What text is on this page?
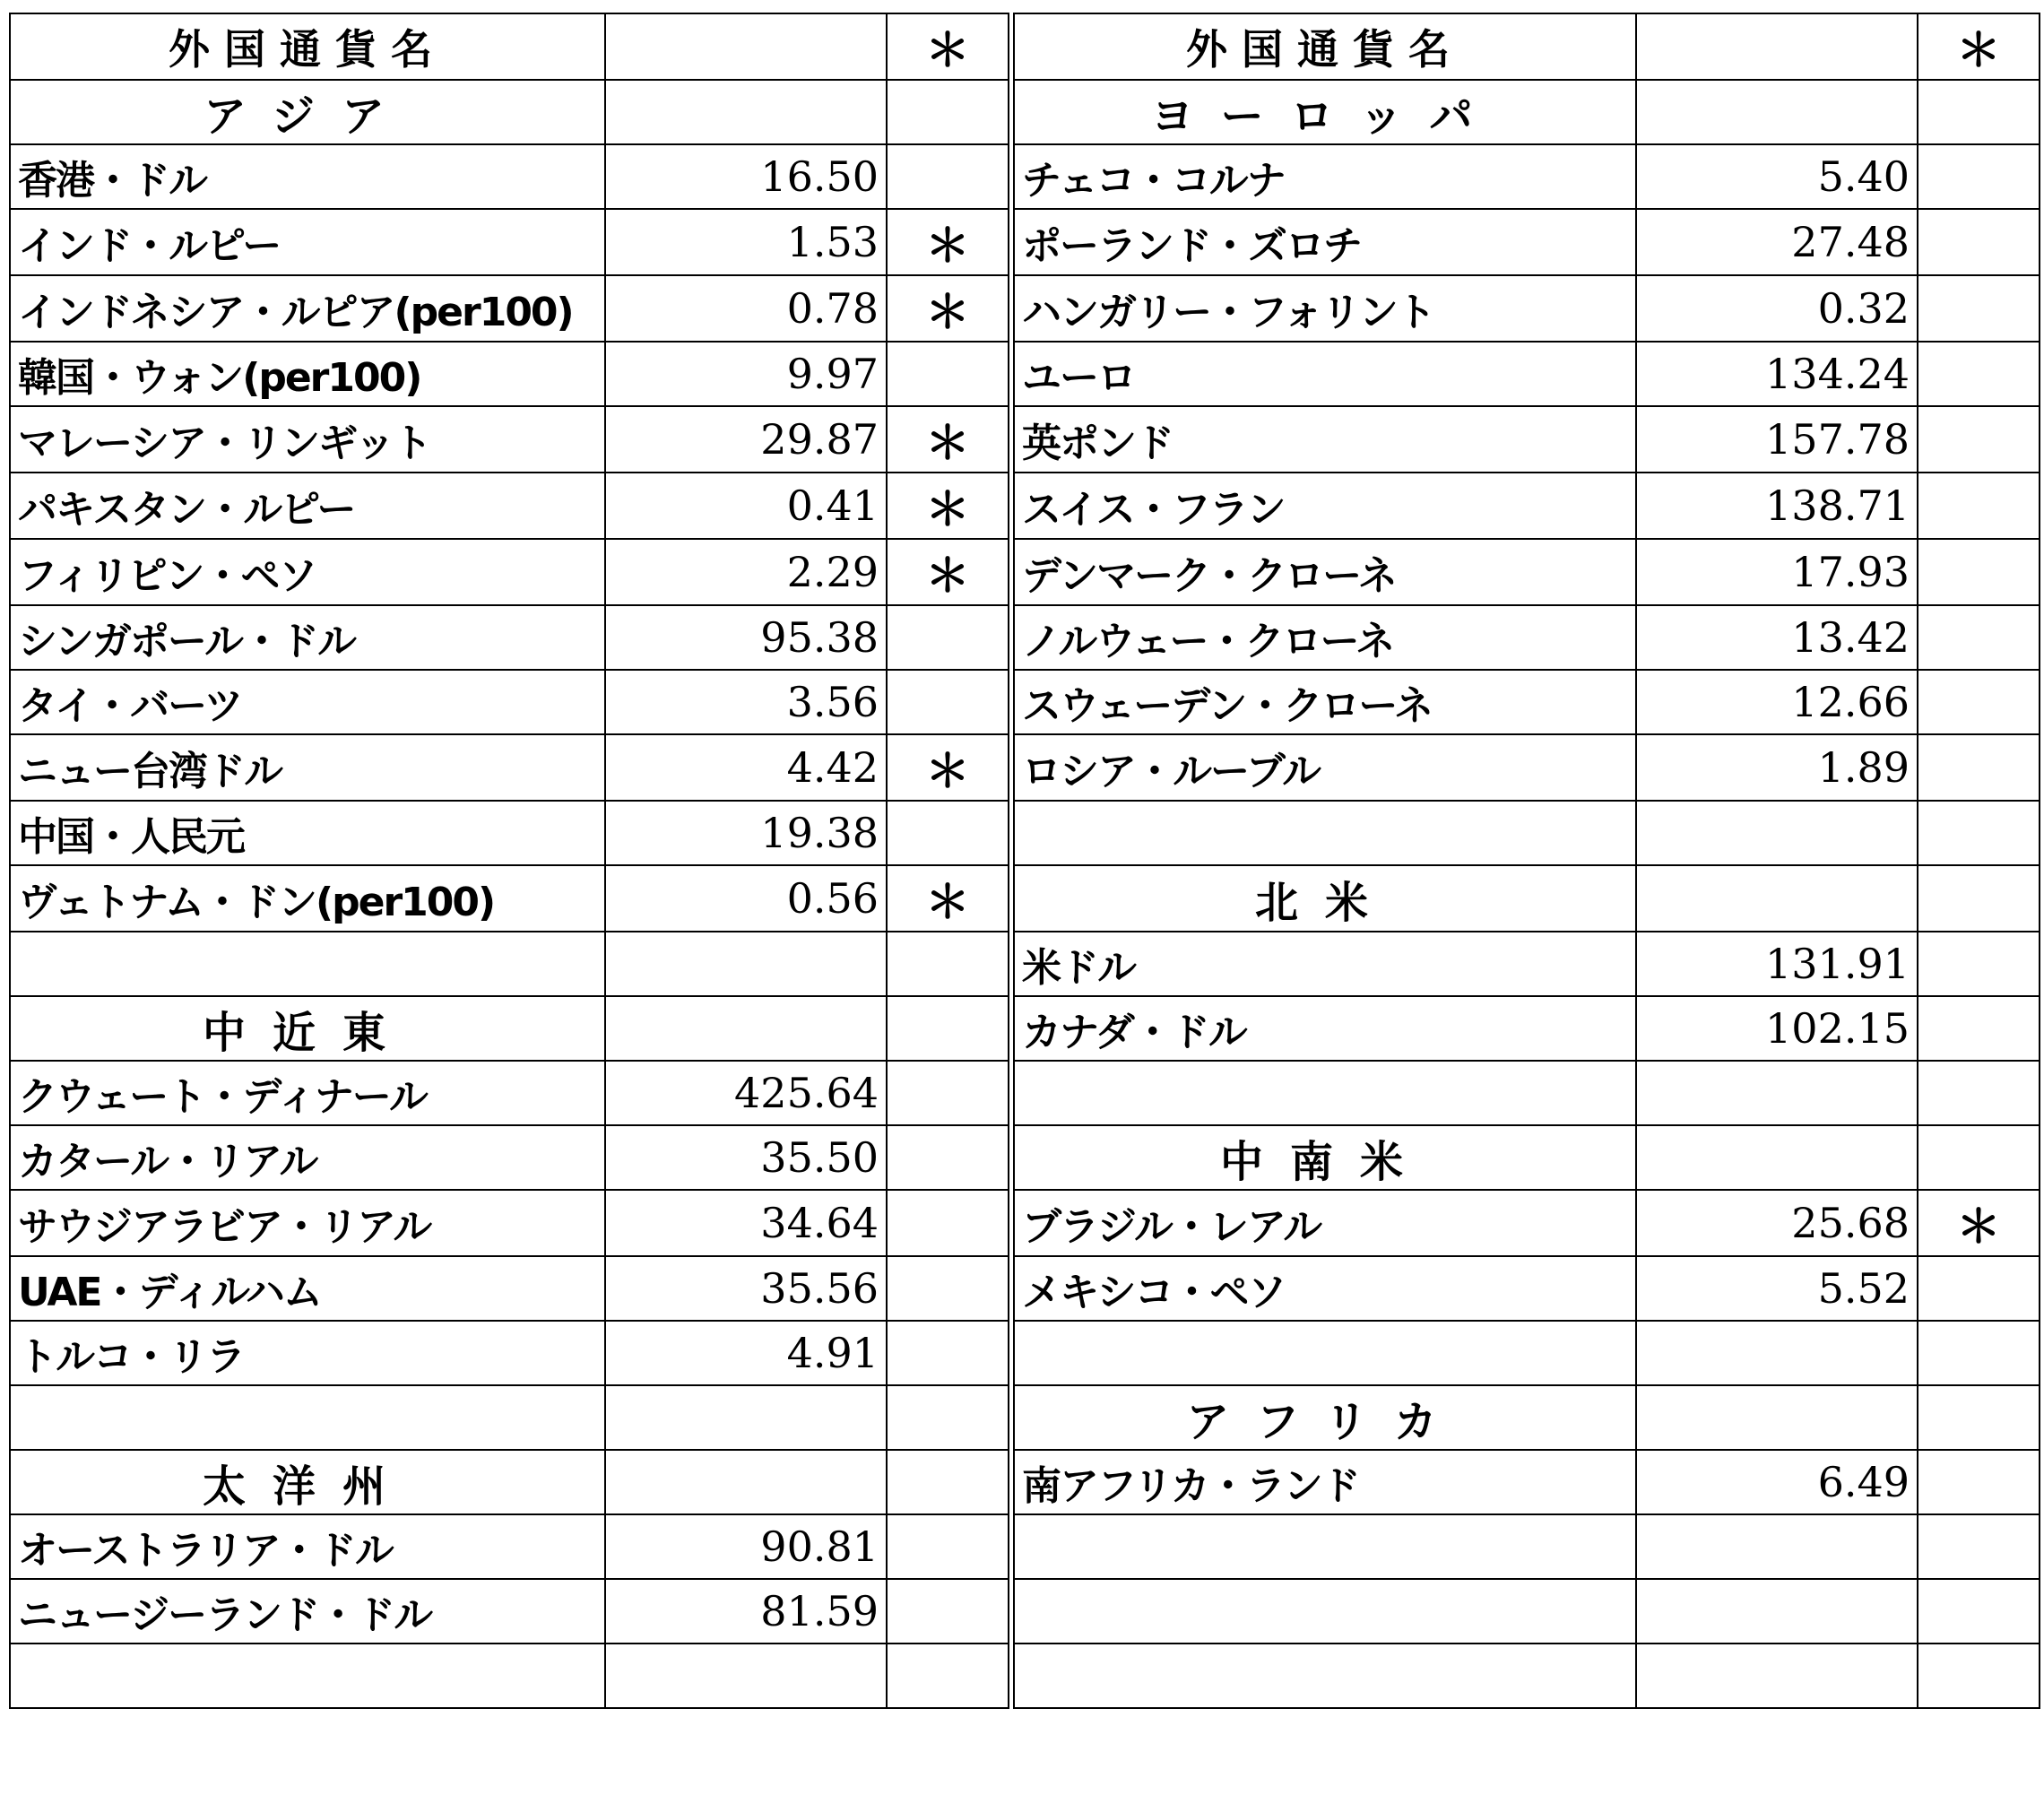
外国通貨名		＊		外国通貨名		＊
アジア				ヨーロッパ		
香港・ドル	16.50			チェコ・コルナ	5.40	
インド・ルピー	1.53	＊		ポーランド・ズロチ	27.48	
インドネシア・ルピア(per100)	0.78	＊		ハンガリー・フォリント	0.32	
韓国・ウォン(per100)	9.97			ユーロ	134.24	
マレーシア・リンギット	29.87	＊		英ポンド	157.78	
パキスタン・ルピー	0.41	＊		スイス・フラン	138.71	
フィリピン・ペソ	2.29	＊		デンマーク・クローネ	17.93	
シンガポール・ドル	95.38			ノルウェー・クローネ	13.42	
タイ・バーツ	3.56			スウェーデン・クローネ	12.66	
ニュー台湾ドル	4.42	＊		ロシア・ルーブル	1.89	
中国・人民元	19.38					
ヴェトナム・ドン(per100)	0.56	＊		北米		
				米ドル	131.91	
中近東				カナダ・ドル	102.15	
クウェート・ディナール	425.64					
カタール・リアル	35.50			中南米		
サウジアラビア・リアル	34.64			ブラジル・レアル	25.68	＊
UAE・ディルハム	35.56			メキシコ・ペソ	5.52	
トルコ・リラ	4.91					
				アフリカ		
太洋州				南アフリカ・ランド	6.49	
オーストラリア・ドル	90.81					
ニュージーランド・ドル	81.59					
